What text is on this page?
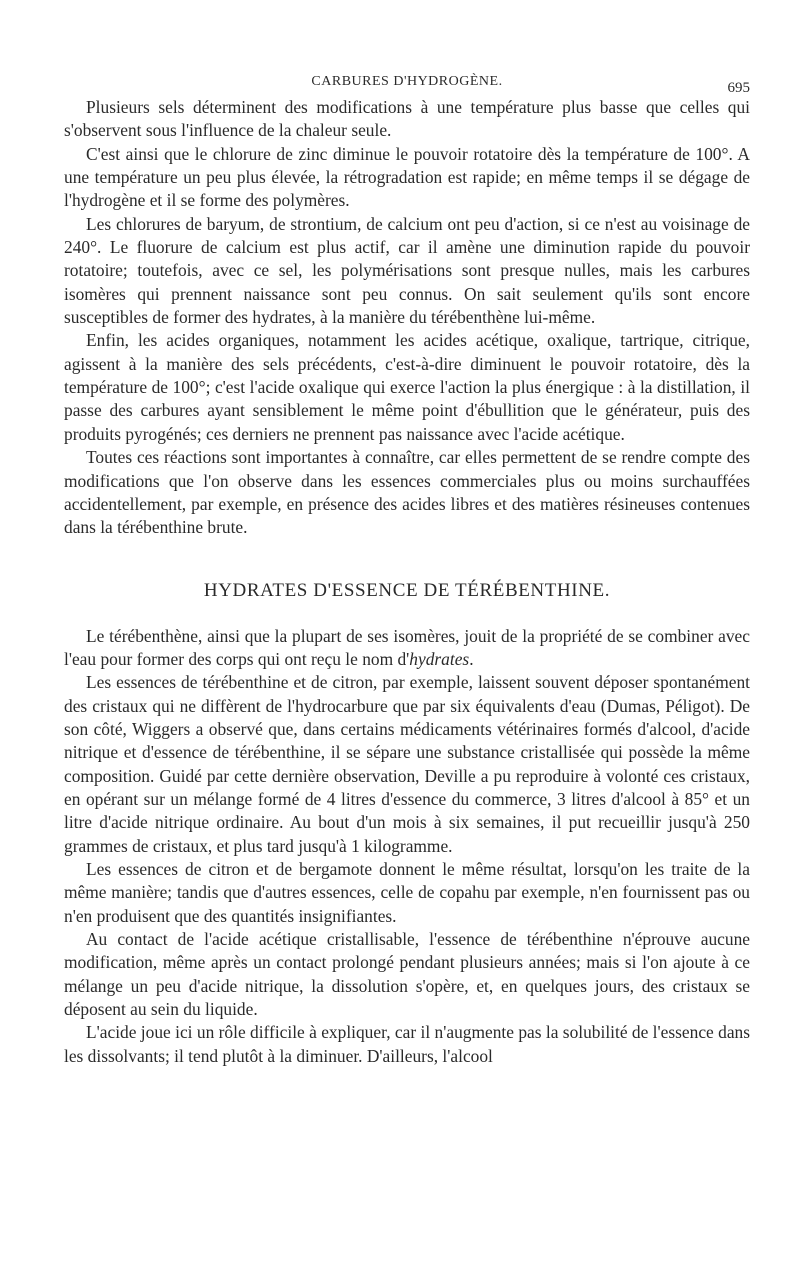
CARBURES D'HYDROGÈNE.	695

Plusieurs sels déterminent des modifications à une température plus basse que celles qui s'observent sous l'influence de la chaleur seule.

C'est ainsi que le chlorure de zinc diminue le pouvoir rotatoire dès la température de 100°. A une température un peu plus élevée, la rétrogradation est rapide; en même temps il se dégage de l'hydrogène et il se forme des polymères.

Les chlorures de baryum, de strontium, de calcium ont peu d'action, si ce n'est au voisinage de 240°. Le fluorure de calcium est plus actif, car il amène une diminution rapide du pouvoir rotatoire; toutefois, avec ce sel, les polymérisations sont presque nulles, mais les carbures isomères qui prennent naissance sont peu connus. On sait seulement qu'ils sont encore susceptibles de former des hydrates, à la manière du térébenthène lui-même.

Enfin, les acides organiques, notamment les acides acétique, oxalique, tartrique, citrique, agissent à la manière des sels précédents, c'est-à-dire diminuent le pouvoir rotatoire, dès la température de 100°; c'est l'acide oxalique qui exerce l'action la plus énergique : à la distillation, il passe des carbures ayant sensiblement le même point d'ébullition que le générateur, puis des produits pyrogénés; ces derniers ne prennent pas naissance avec l'acide acétique.

Toutes ces réactions sont importantes à connaître, car elles permettent de se rendre compte des modifications que l'on observe dans les essences commerciales plus ou moins surchauffées accidentellement, par exemple, en présence des acides libres et des matières résineuses contenues dans la térébenthine brute.

HYDRATES D'ESSENCE DE TÉRÉBENTHINE.

Le térébenthène, ainsi que la plupart de ses isomères, jouit de la propriété de se combiner avec l'eau pour former des corps qui ont reçu le nom d'hydrates.

Les essences de térébenthine et de citron, par exemple, laissent souvent déposer spontanément des cristaux qui ne diffèrent de l'hydrocarbure que par six équivalents d'eau (Dumas, Péligot). De son côté, Wiggers a observé que, dans certains médicaments vétérinaires formés d'alcool, d'acide nitrique et d'essence de térébenthine, il se sépare une substance cristallisée qui possède la même composition. Guidé par cette dernière observation, Deville a pu reproduire à volonté ces cristaux, en opérant sur un mélange formé de 4 litres d'essence du commerce, 3 litres d'alcool à 85° et un litre d'acide nitrique ordinaire. Au bout d'un mois à six semaines, il put recueillir jusqu'à 250 grammes de cristaux, et plus tard jusqu'à 1 kilogramme.

Les essences de citron et de bergamote donnent le même résultat, lorsqu'on les traite de la même manière; tandis que d'autres essences, celle de copahu par exemple, n'en fournissent pas ou n'en produisent que des quantités insignifiantes.

Au contact de l'acide acétique cristallisable, l'essence de térébenthine n'éprouve aucune modification, même après un contact prolongé pendant plusieurs années; mais si l'on ajoute à ce mélange un peu d'acide nitrique, la dissolution s'opère, et, en quelques jours, des cristaux se déposent au sein du liquide.

L'acide joue ici un rôle difficile à expliquer, car il n'augmente pas la solubilité de l'essence dans les dissolvants; il tend plutôt à la diminuer. D'ailleurs, l'alcool
